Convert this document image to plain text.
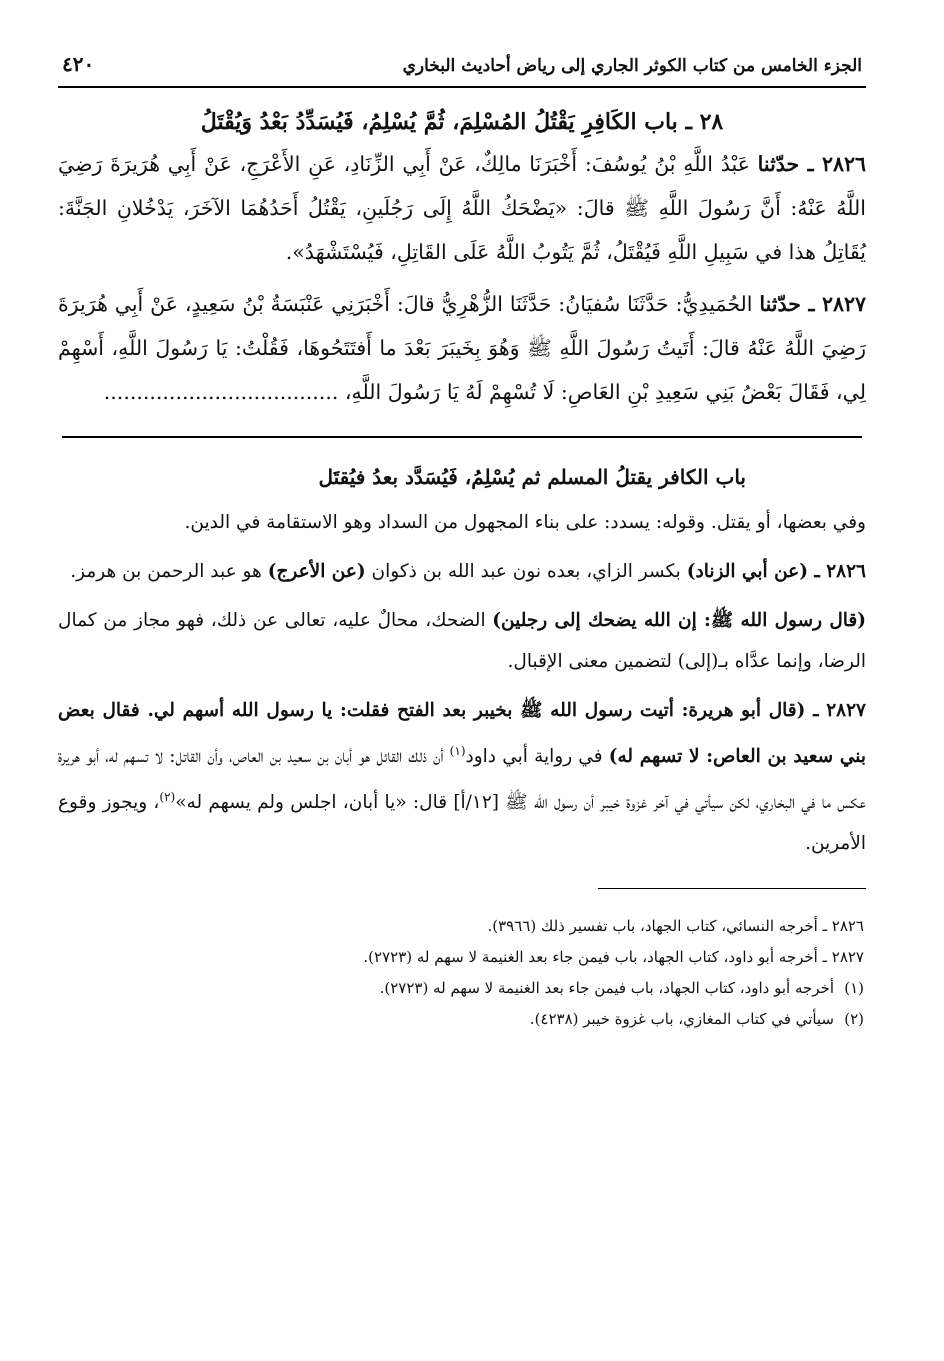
الجزء الخامس من كتاب الكوثر الجاري إلى رياض أحاديث البخاري
٤٢٠
٢٨ ـ باب الكَافِرِ يَقْتُلُ المُسْلِمَ، ثُمَّ يُسْلِمُ، فَيُسَدِّدُ بَعْدُ وَيُقْتَلُ
٢٨٢٦ ـ حدّثنا عَبْدُ اللَّهِ بْنُ يُوسُفَ: أَخْبَرَنَا مالِكٌ، عَنْ أَبِي الزِّنَادِ، عَنِ الأَعْرَجِ، عَنْ أَبِي هُرَيرَةَ رَضِيَ اللَّهُ عَنْهُ: أَنَّ رَسُولَ اللَّهِ ﷺ قالَ: «يَضْحَكُ اللَّهُ إِلَى رَجُلَينِ، يَقْتُلُ أَحَدُهُمَا الآخَرَ، يَدْخُلانِ الجَنَّةَ: يُقَاتِلُ هذا في سَبِيلِ اللَّهِ فَيُقْتَلُ، ثُمَّ يَتُوبُ اللَّهُ عَلَى القَاتِلِ، فَيُسْتَشْهَدُ».
٢٨٢٧ ـ حدّثنا الحُمَيدِيُّ: حَدَّثَنَا سُفيَانُ: حَدَّثَنَا الزُّهْرِيُّ قالَ: أَخْبَرَنِي عَنْبَسَةُ بْنُ سَعِيدٍ، عَنْ أَبِي هُرَيرَةَ رَضِيَ اللَّهُ عَنْهُ قالَ: أَتَيتُ رَسُولَ اللَّهِ ﷺ وَهُوَ بِخَيبَرَ بَعْدَ ما أَفتَتَحُوهَا، فَقُلْتُ: يَا رَسُولَ اللَّهِ، أَسْهِمْ لِي، فَقَالَ بَعْضُ بَنِي سَعِيدِ بْنِ العَاصِ: لَا تُسْهِمْ لَهُ يَا رَسُولَ اللَّهِ، ....................................
باب الكافر يقتلُ المسلم ثم يُسْلِمُ، فَيُسَدَّد بعدُ فيُقتَل
وفي بعضها، أو يقتل. وقوله: يسدد: على بناء المجهول من السداد وهو الاستقامة في الدين.
٢٨٢٦ ـ (عن أبي الزناد) بكسر الزاي، بعده نون عبد الله بن ذكوان (عن الأعرج) هو عبد الرحمن بن هرمز.
(قال رسول الله ﷺ: إن الله يضحك إلى رجلين) الضحك، محالٌ عليه، تعالى عن ذلك، فهو مجاز من كمال الرضا، وإنما عدَّاه بـ(إلى) لتضمين معنى الإقبال.
٢٨٢٧ ـ (قال أبو هريرة: أتيت رسول الله ﷺ بخيبر بعد الفتح فقلت: يا رسول الله أسهم لي. فقال بعض بني سعيد بن العاص: لا تسهم له) في رواية أبي داود$^{(١)}$ أن ذلك القائل هو أبان بن سعيد بن العاص، وأن القاتل: لا تسهم له، أبو هريرة عكس ما في البخاري، لكن سيأتي في آخر غزوة خيبر أن رسول الله ﷺ [١٢/أ] قال: «يا أبان، اجلس ولم يسهم له»$^{(٢)}$، ويجوز وقوع الأمرين.
٢٨٢٦ ـ أخرجه النسائي، كتاب الجهاد، باب تفسير ذلك (٣٩٦٦).
٢٨٢٧ ـ أخرجه أبو داود، كتاب الجهاد، باب فيمن جاء بعد الغنيمة لا سهم له (٢٧٢٣).
(١)أخرجه أبو داود، كتاب الجهاد، باب فيمن جاء بعد الغنيمة لا سهم له (٢٧٢٣).
(٢)سيأتي في كتاب المغازي، باب غزوة خيبر (٤٢٣٨).
